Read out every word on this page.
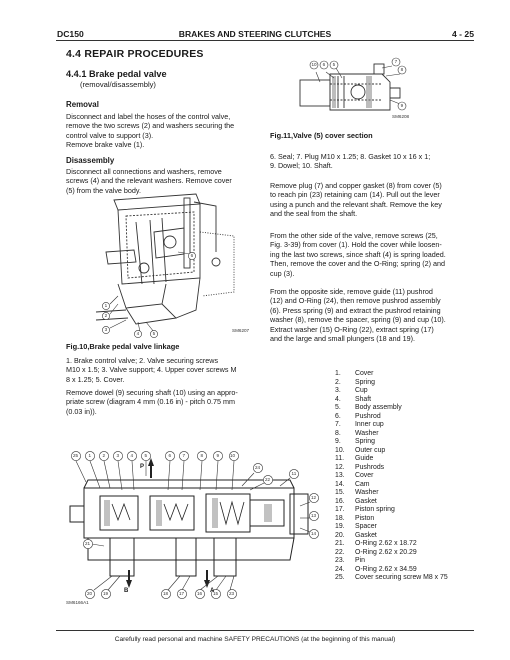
DC150	BRAKES AND STEERING CLUTCHES	4 - 25
4.4 REPAIR PROCEDURES
4.4.1 Brake pedal valve
(removal/disassembly)
Removal
Disconnect and label the hoses of the control valve,
remove the two screws (2) and washers securing the
control valve to support (3).
Remove brake valve (1).
Disassembly
Disconnect all connections and washers, remove
screws (4) and the relevant washers. Remove cover
(5) from the valve body.
1
2
3
4	5
6
SM6207
Fig.10,Brake pedal valve linkage
1. Brake control valve; 2. Valve securing screws
M10 x 1.5; 3. Valve support; 4. Upper cover screws M
8 x 1.25; 5. Cover.
Remove dowel (9) securing shaft (10) using an appro-
priate screw (diagram 4 mm (0.16 in) - pitch 0.75 mm
(0.03 in)).
10 6 5
7
8
9
SM6208
Fig.11,Valve (5) cover section
6. Seal; 7. Plug M10 x 1.25; 8. Gasket 10 x 16 x 1;
9. Dowel; 10. Shaft.
Remove plug (7) and copper gasket (8) from cover (5)
to reach pin (23) retaining cam (14). Pull out the lever
using a punch and the relevant shaft. Remove the key
and the seal from the shaft.
From the other side of the valve, remove screws (25,
Fig. 3-39) from cover (1). Hold the cover while loosen-
ing the last two screws, since shaft (4) is spring loaded.
Then, remove the cover and the O-Ring; spring (2) and
cup (3).
From the opposite side, remove guide (11) pushrod
(12) and O-Ring (24), then remove pushrod assembly
(6). Press spring (9) and extract the pushrod retaining
washer (8), remove the spacer, spring (9) and cup (10).
Extract washer (15) O-Ring (22), extract spring (17)
and the large and small plungers (18 and 19).
25 1 2 3 4 5	6 7	8	9 10
24
22
11
12
13
14
20 19	18 17	16 15 23
21
P
B	A
SM6166A1
1.	Cover
2.	Spring
3.	Cup
4.	Shaft
5.	Body assembly
6.	Pushrod
7.	Inner cup
8.	Washer
9.	Spring
10.	Outer cup
11.	Guide
12.	Pushrods
13.	Cover
14.	Cam
15.	Washer
16.	Gasket
17.	Piston spring
18.	Piston
19.	Spacer
20.	Gasket
21.	O-Ring 2.62 x 18.72
22.	O-Ring 2.62 x 20.29
23.	Pin
24.	O-Ring 2.62 x 34.59
25.	Cover securing screw M8 x 75
Carefully read personal and machine SAFETY PRECAUTIONS (at the beginning of this manual)
